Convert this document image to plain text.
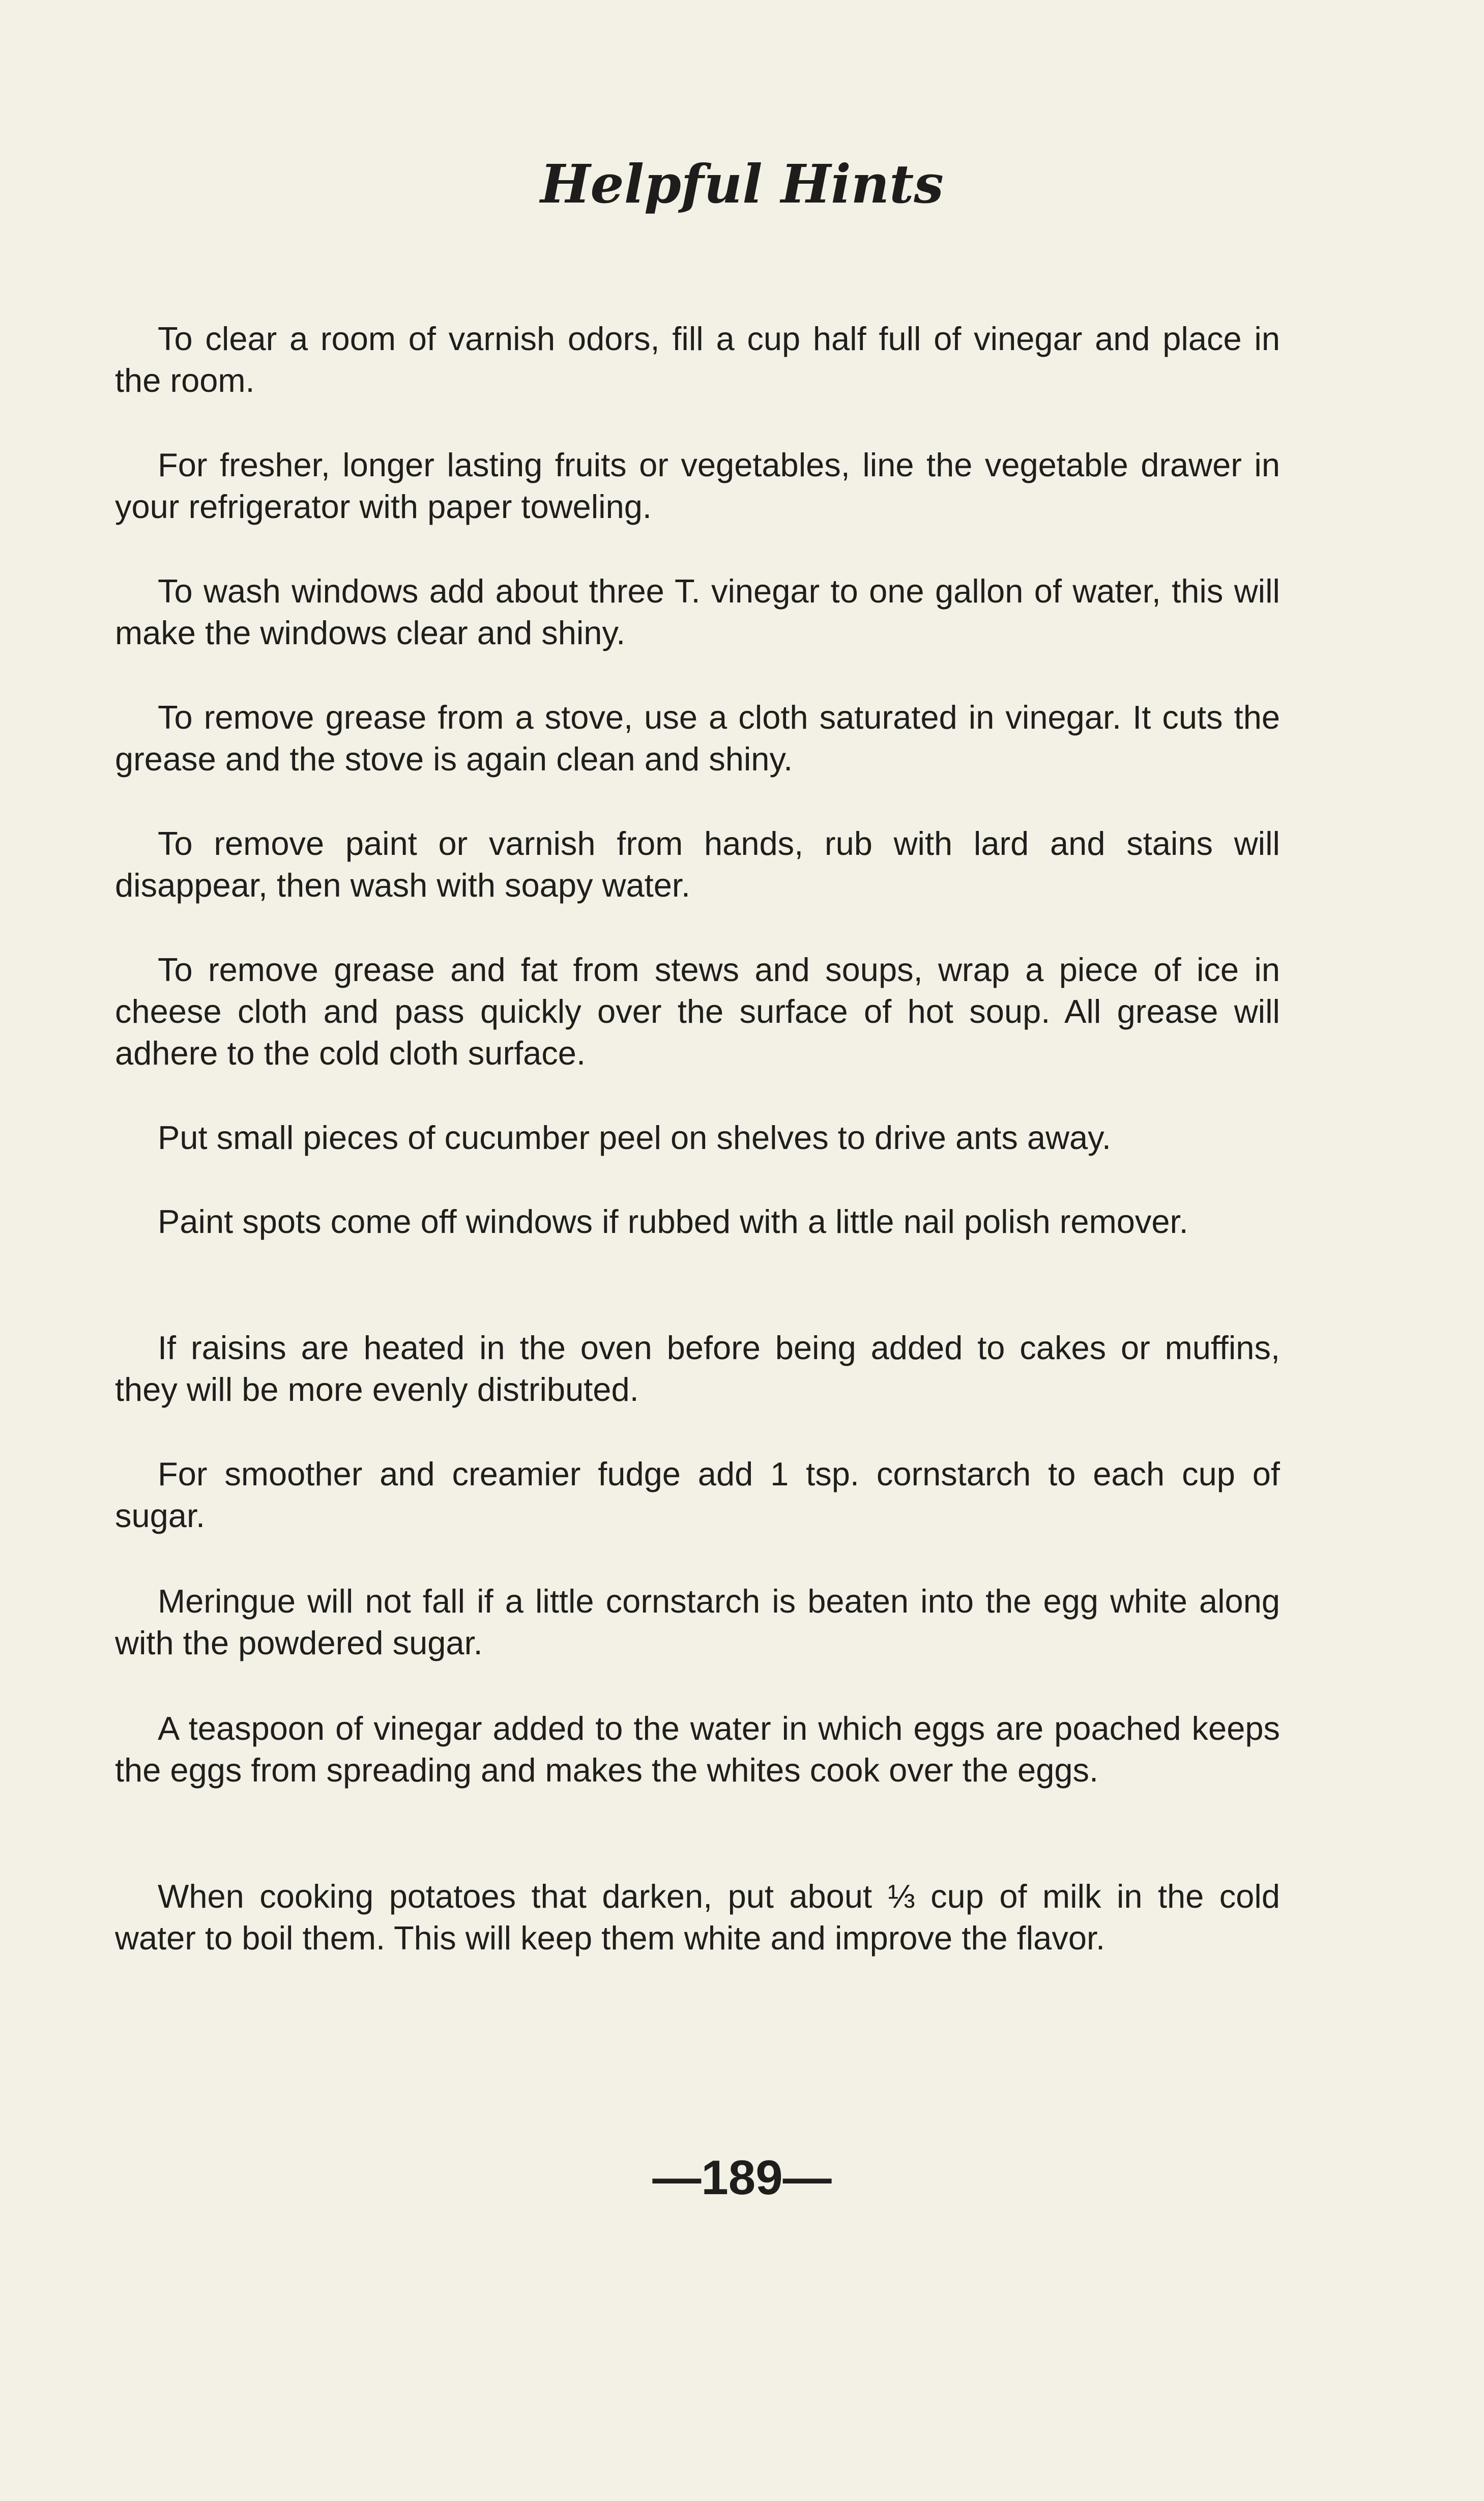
Helpful Hints

To clear a room of varnish odors, fill a cup half full of vinegar and place in the room.

For fresher, longer lasting fruits or vegetables, line the vegetable drawer in your refrigerator with paper toweling.

To wash windows add about three T. vinegar to one gallon of water, this will make the windows clear and shiny.

To remove grease from a stove, use a cloth saturated in vinegar. It cuts the grease and the stove is again clean and shiny.

To remove paint or varnish from hands, rub with lard and stains will disappear, then wash with soapy water.

To remove grease and fat from stews and soups, wrap a piece of ice in cheese cloth and pass quickly over the surface of hot soup. All grease will adhere to the cold cloth surface.

Put small pieces of cucumber peel on shelves to drive ants away.

Paint spots come off windows if rubbed with a little nail polish remover.

If raisins are heated in the oven before being added to cakes or muffins, they will be more evenly distributed.

For smoother and creamier fudge add 1 tsp. cornstarch to each cup of sugar.

Meringue will not fall if a little cornstarch is beaten into the egg white along with the powdered sugar.

A teaspoon of vinegar added to the water in which eggs are poached keeps the eggs from spreading and makes the whites cook over the eggs.

When cooking potatoes that darken, put about ⅓ cup of milk in the cold water to boil them. This will keep them white and improve the flavor.

—189—
